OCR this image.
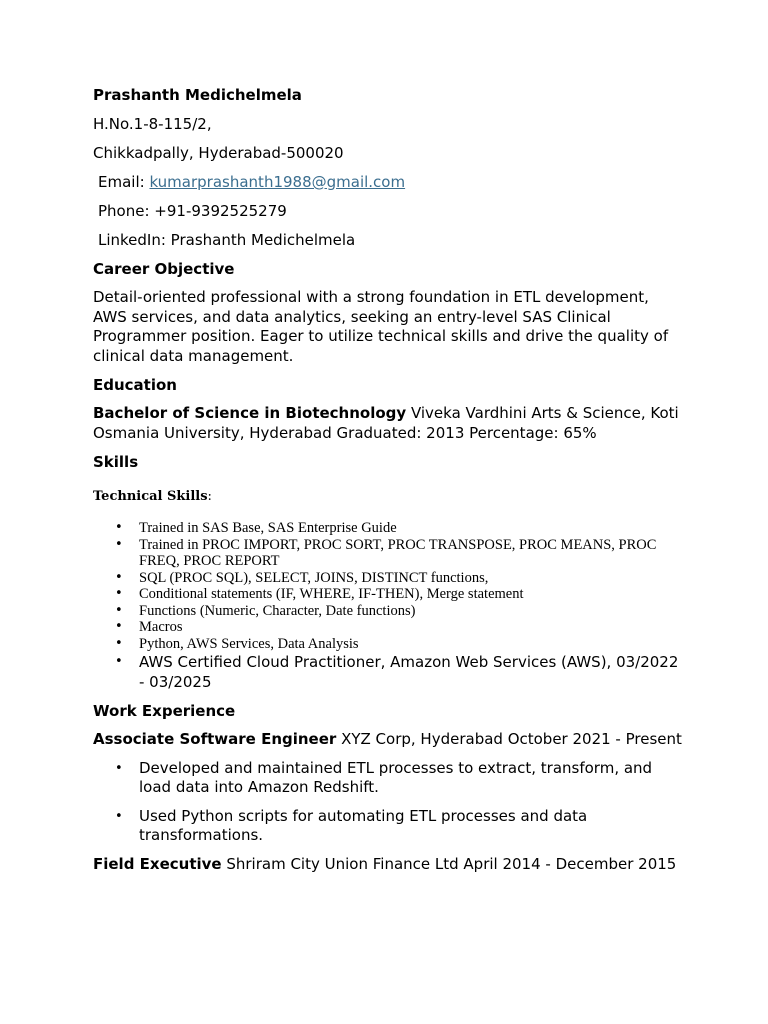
Prashanth Medichelmela
H.No.1-8-115/2,
Chikkadpally, Hyderabad-500020
Email: kumarprashanth1988@gmail.com
Phone: +91-9392525279
LinkedIn: Prashanth Medichelmela
Career Objective
Detail-oriented professional with a strong foundation in ETL development, AWS services, and data analytics, seeking an entry-level SAS Clinical Programmer position. Eager to utilize technical skills and drive the quality of clinical data management.
Education
Bachelor of Science in Biotechnology Viveka Vardhini Arts & Science, Koti Osmania University, Hyderabad Graduated: 2013 Percentage: 65%
Skills
Technical Skills:
• Trained in SAS Base, SAS Enterprise Guide
• Trained in PROC IMPORT, PROC SORT, PROC TRANSPOSE, PROC MEANS, PROC FREQ, PROC REPORT
• SQL (PROC SQL), SELECT, JOINS, DISTINCT functions,
• Conditional statements (IF, WHERE, IF-THEN), Merge statement
• Functions (Numeric, Character, Date functions)
• Macros
• Python, AWS Services, Data Analysis
• AWS Certified Cloud Practitioner, Amazon Web Services (AWS), 03/2022 - 03/2025
Work Experience
Associate Software Engineer XYZ Corp, Hyderabad October 2021 - Present
• Developed and maintained ETL processes to extract, transform, and load data into Amazon Redshift.
• Used Python scripts for automating ETL processes and data transformations.
Field Executive Shriram City Union Finance Ltd April 2014 - December 2015
